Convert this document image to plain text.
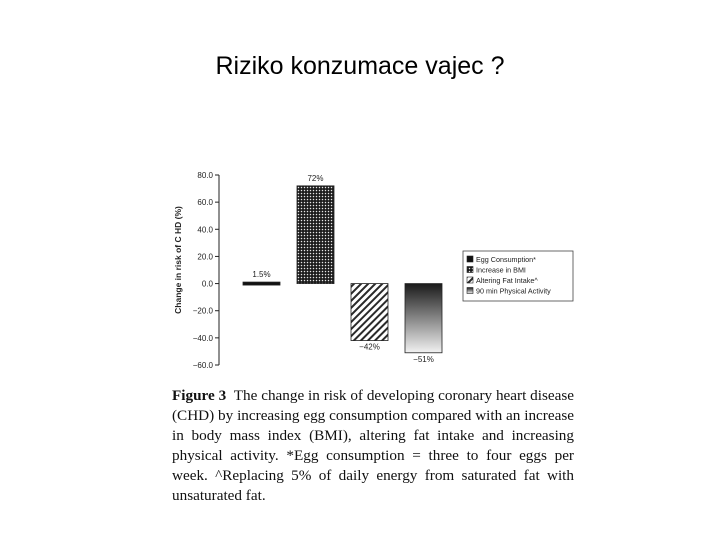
Riziko konzumace vajec ?
80.0
60.0
40.0
20.0
0.0
−20.0
−40.0
−60.0
Change in risk of C HD (%)	1.5%
72%
−42%
−51%
Egg Consumption*
Increase in BMI
Altering Fat Intake^
90 min Physical Activity
Figure 3 The change in risk of developing coronary heart disease (CHD) by increasing egg consumption compared with an increase in body mass index (BMI), altering fat intake and increasing physical activity. *Egg consumption = three to four eggs per week. ^Replacing 5% of daily energy from saturated fat with unsaturated fat.
